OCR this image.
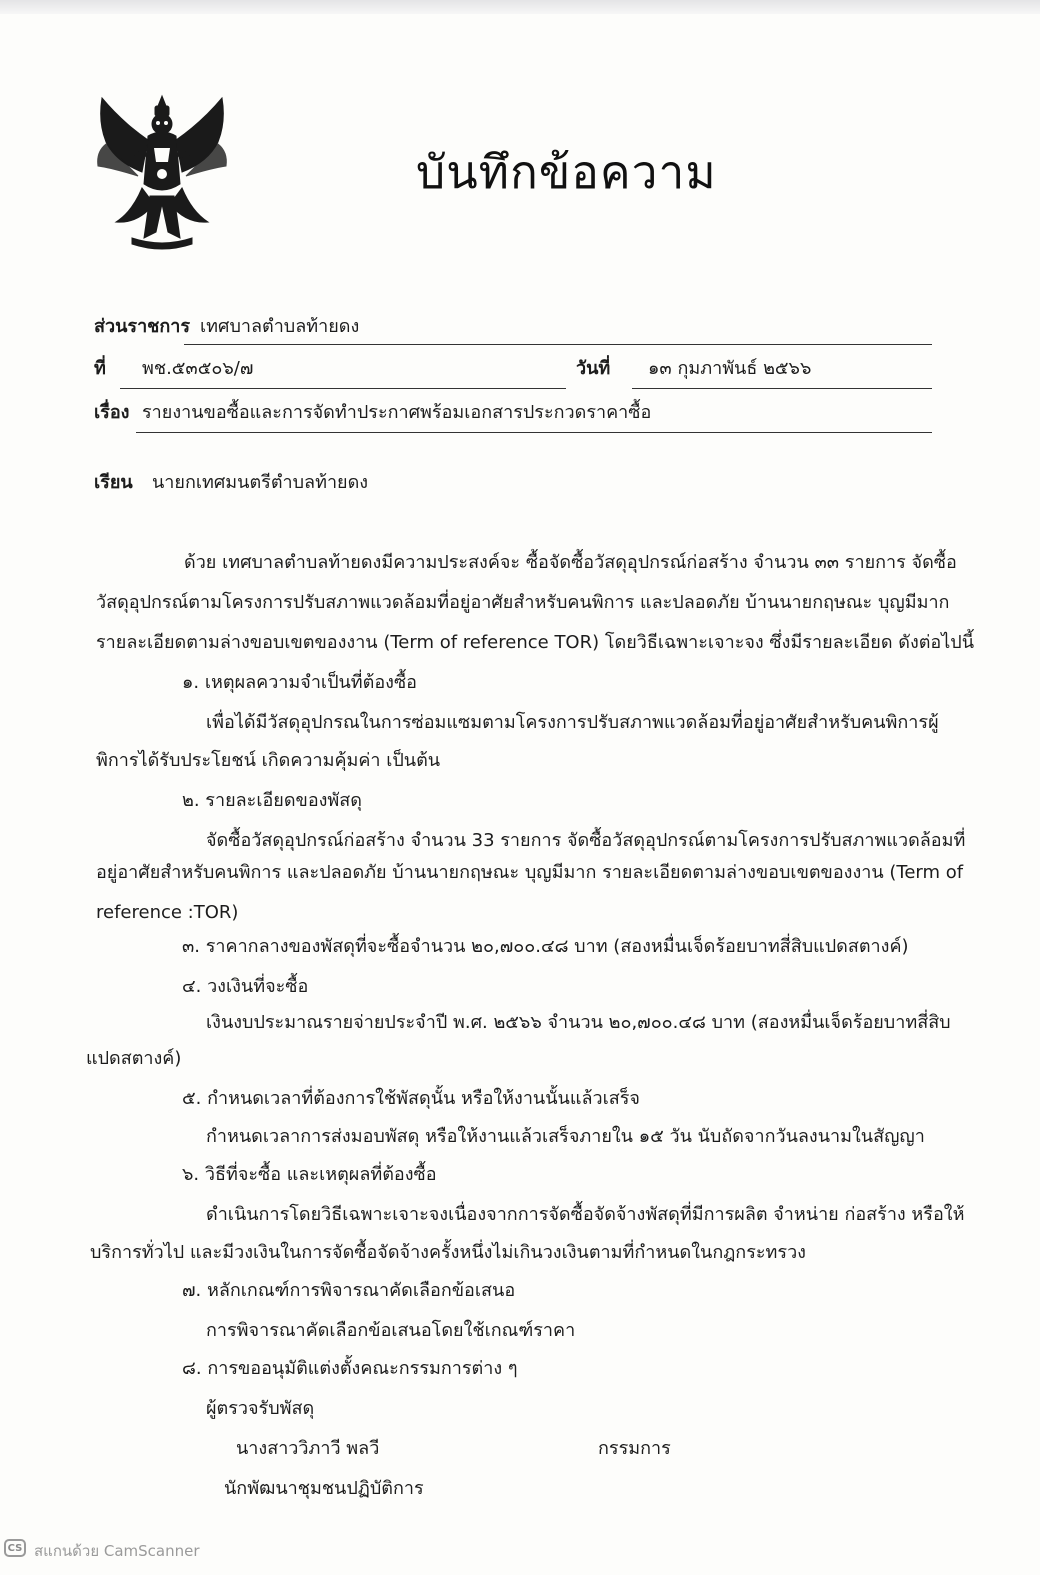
บันทึกข้อความ
ส่วนราชการ เทศบาลตำบลท้ายดง
ที่ พช.๕๓๕๐๖/๗	วันที่ ๑๓ กุมภาพันธ์ ๒๕๖๖
เรื่อง รายงานขอซื้อและการจัดทำประกาศพร้อมเอกสารประกวดราคาซื้อ
เรียน นายกเทศมนตรีตำบลท้ายดง
ด้วย เทศบาลตำบลท้ายดงมีความประสงค์จะ ซื้อจัดซื้อวัสดุอุปกรณ์ก่อสร้าง จำนวน ๓๓ รายการ จัดซื้อ
วัสดุอุปกรณ์ตามโครงการปรับสภาพแวดล้อมที่อยู่อาศัยสำหรับคนพิการ และปลอดภัย บ้านนายกฤษณะ บุญมีมาก
รายละเอียดตามล่างขอบเขตของงาน (Term of reference TOR) โดยวิธีเฉพาะเจาะจง ซึ่งมีรายละเอียด ดังต่อไปนี้
๑. เหตุผลความจำเป็นที่ต้องซื้อ
เพื่อได้มีวัสดุอุปกรณในการซ่อมแซมตามโครงการปรับสภาพแวดล้อมที่อยู่อาศัยสำหรับคนพิการผู้
พิการได้รับประโยชน์ เกิดความคุ้มค่า เป็นต้น
๒. รายละเอียดของพัสดุ
จัดซื้อวัสดุอุปกรณ์ก่อสร้าง จำนวน 33 รายการ จัดซื้อวัสดุอุปกรณ์ตามโครงการปรับสภาพแวดล้อมที่
อยู่อาศัยสำหรับคนพิการ และปลอดภัย บ้านนายกฤษณะ บุญมีมาก รายละเอียดตามล่างขอบเขตของงาน (Term of
reference :TOR)
๓. ราคากลางของพัสดุที่จะซื้อจำนวน ๒๐,๗๐๐.๔๘ บาท (สองหมื่นเจ็ดร้อยบาทสี่สิบแปดสตางค์)
๔. วงเงินที่จะซื้อ
เงินงบประมาณรายจ่ายประจำปี พ.ศ. ๒๕๖๖ จำนวน ๒๐,๗๐๐.๔๘ บาท (สองหมื่นเจ็ดร้อยบาทสี่สิบ
แปดสตางค์)
๕. กำหนดเวลาที่ต้องการใช้พัสดุนั้น หรือให้งานนั้นแล้วเสร็จ
กำหนดเวลาการส่งมอบพัสดุ หรือให้งานแล้วเสร็จภายใน ๑๕ วัน นับถัดจากวันลงนามในสัญญา
๖. วิธีที่จะซื้อ และเหตุผลที่ต้องซื้อ
ดำเนินการโดยวิธีเฉพาะเจาะจงเนื่องจากการจัดซื้อจัดจ้างพัสดุที่มีการผลิต จำหน่าย ก่อสร้าง หรือให้
บริการทั่วไป และมีวงเงินในการจัดซื้อจัดจ้างครั้งหนึ่งไม่เกินวงเงินตามที่กำหนดในกฎกระทรวง
๗. หลักเกณฑ์การพิจารณาคัดเลือกข้อเสนอ
การพิจารณาคัดเลือกข้อเสนอโดยใช้เกณฑ์ราคา
๘. การขออนุมัติแต่งตั้งคณะกรรมการต่าง ๆ
ผู้ตรวจรับพัสดุ
นางสาววิภาวี พลวี	กรรมการ
นักพัฒนาชุมชนปฏิบัติการ
CS สแกนด้วย CamScanner
